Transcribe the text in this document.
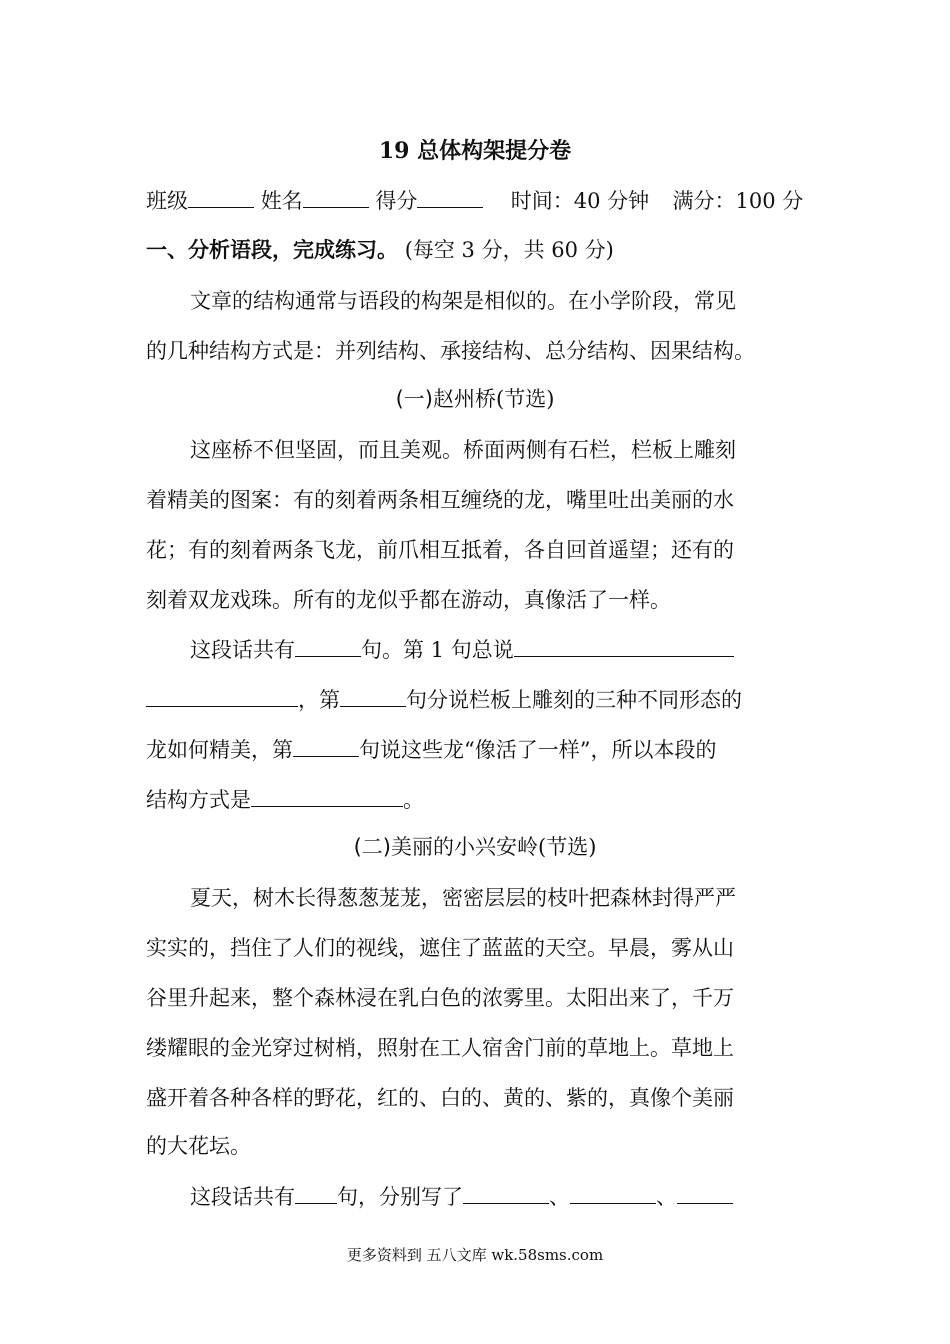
19 总体构架提分卷
班级	姓名	得分	时间：40 分钟 满分：100 分
一、分析语段，完成练习。 (每空 3 分，共 60 分)
文章的结构通常与语段的构架是相似的。在小学阶段，常见
的几种结构方式是：并列结构、承接结构、总分结构、因果结构。
(一)赵州桥(节选)
这座桥不但坚固，而且美观。桥面两侧有石栏，栏板上雕刻
着精美的图案：有的刻着两条相互缠绕的龙，嘴里吐出美丽的水
花；有的刻着两条飞龙，前爪相互抵着，各自回首遥望；还有的
刻着双龙戏珠。所有的龙似乎都在游动，真像活了一样。
这段话共有	句。第 1 句总说
，第	句分说栏板上雕刻的三种不同形态的
龙如何精美，第	句说这些龙“像活了一样”，所以本段的
结构方式是	。
(二)美丽的小兴安岭(节选)
夏天，树木长得葱葱茏茏，密密层层的枝叶把森林封得严严
实实的，挡住了人们的视线，遮住了蓝蓝的天空。早晨，雾从山
谷里升起来，整个森林浸在乳白色的浓雾里。太阳出来了，千万
缕耀眼的金光穿过树梢，照射在工人宿舍门前的草地上。草地上
盛开着各种各样的野花，红的、白的、黄的、紫的，真像个美丽
的大花坛。
这段话共有 句，分别写了	、	、
更多资料到 五八文库 wk.58sms.com
